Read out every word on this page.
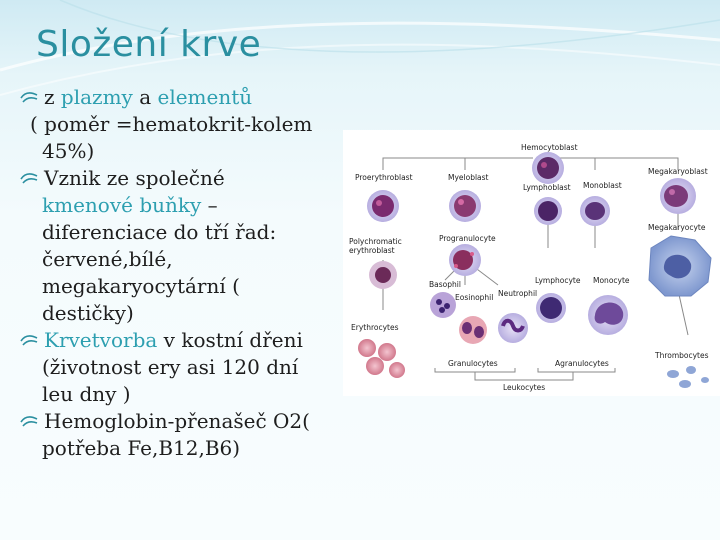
Složení krve
z plazmy a elementů
( poměr =hematokrit-kolem
45%)
Vznik ze společné
kmenové buňky –
diferenciace do tří řad:
červené,bílé,
megakaryocytární (
destičky)
Krvetvorba v kostní dřeni
(životnost ery asi 120 dní
leu dny )
Hemoglobin-přenašeč O2(
potřeba Fe,B12,B6)
Hemocytoblast
Proerythroblast	Myeloblast
Lymphoblast Monoblast
Megakaryoblast
Polychromatic
erythroblast
Progranulocyte
Megakaryocyte
Lymphocyte Monocyte
Basophil
Eosinophil Neutrophil
Erythrocytes
Thrombocytes
Granulocytes	Agranulocytes
Leukocytes
